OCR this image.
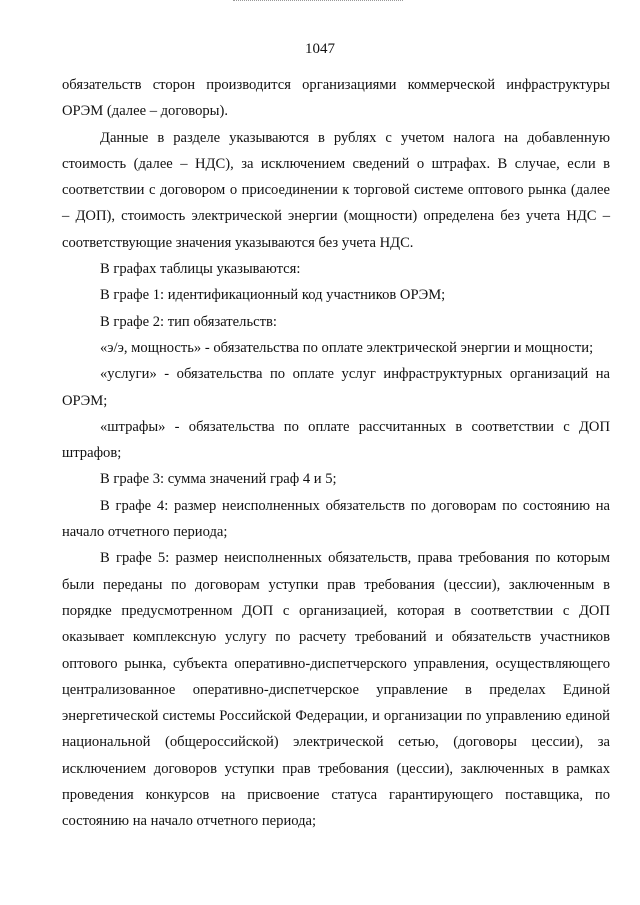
1047

обязательств сторон производится организациями коммерческой инфраструктуры ОРЭМ (далее – договоры).

Данные в разделе указываются в рублях с учетом налога на добавленную стоимость (далее – НДС), за исключением сведений о штрафах. В случае, если в соответствии с договором о присоединении к торговой системе оптового рынка (далее – ДОП), стоимость электрической энергии (мощности) определена без учета НДС – соответствующие значения указываются без учета НДС.

В графах таблицы указываются:

В графе 1: идентификационный код участников ОРЭМ;

В графе 2: тип обязательств:

«э/э, мощность» - обязательства по оплате электрической энергии и мощности;

«услуги» - обязательства по оплате услуг инфраструктурных организаций на ОРЭМ;

«штрафы» - обязательства по оплате рассчитанных в соответствии с ДОП штрафов;

В графе 3: сумма значений граф 4 и 5;

В графе 4: размер неисполненных обязательств по договорам по состоянию на начало отчетного периода;

В графе 5: размер неисполненных обязательств, права требования по которым были переданы по договорам уступки прав требования (цессии), заключенным в порядке предусмотренном ДОП с организацией, которая в соответствии с ДОП оказывает комплексную услугу по расчету требований и обязательств участников оптового рынка, субъекта оперативно-диспетчерского управления, осуществляющего централизованное оперативно-диспетчерское управление в пределах Единой энергетической системы Российской Федерации, и организации по управлению единой национальной (общероссийской) электрической сетью, (договоры цессии), за исключением договоров уступки прав требования (цессии), заключенных в рамках проведения конкурсов на присвоение статуса гарантирующего поставщика, по состоянию на начало отчетного периода;
